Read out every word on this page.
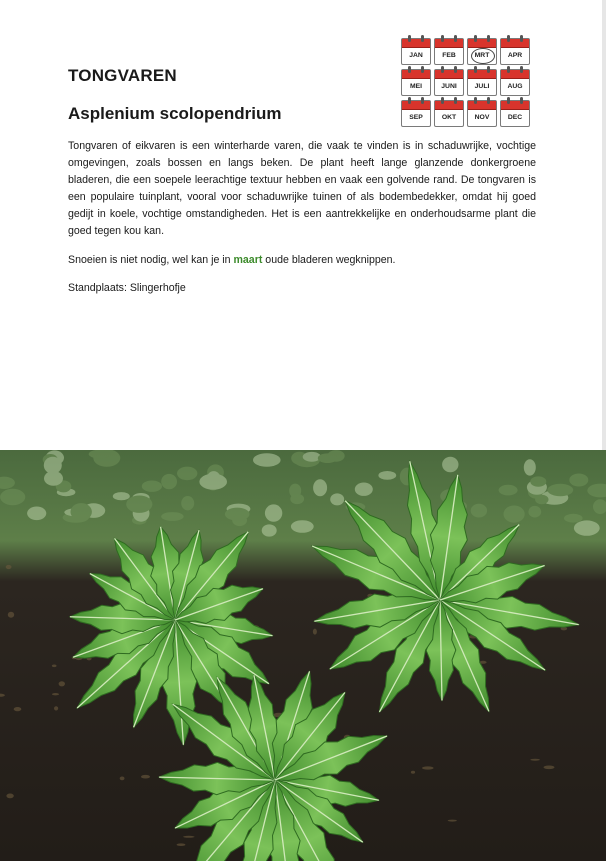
TONGVAREN
Asplenium scolopendrium
JAN	FEB	MRT	APR
MEI	JUNI	JULI	AUG
SEP	OKT	NOV	DEC

Tongvaren of eikvaren is een winterharde varen, die vaak te vinden is in schaduwrijke, vochtige omgevingen, zoals bossen en langs beken. De plant heeft lange glanzende donkergroene bladeren, die een soepele leerachtige textuur hebben en vaak een golvende rand. De tongvaren is een populaire tuinplant, vooral voor schaduwrijke tuinen of als bodembedekker, omdat hij goed gedijt in koele, vochtige omstandigheden. Het is een aantrekkelijke en onderhoudsarme plant die goed tegen kou kan.

Snoeien is niet nodig, wel kan je in maart oude bladeren wegknippen.

Standplaats: Slingerhofje
